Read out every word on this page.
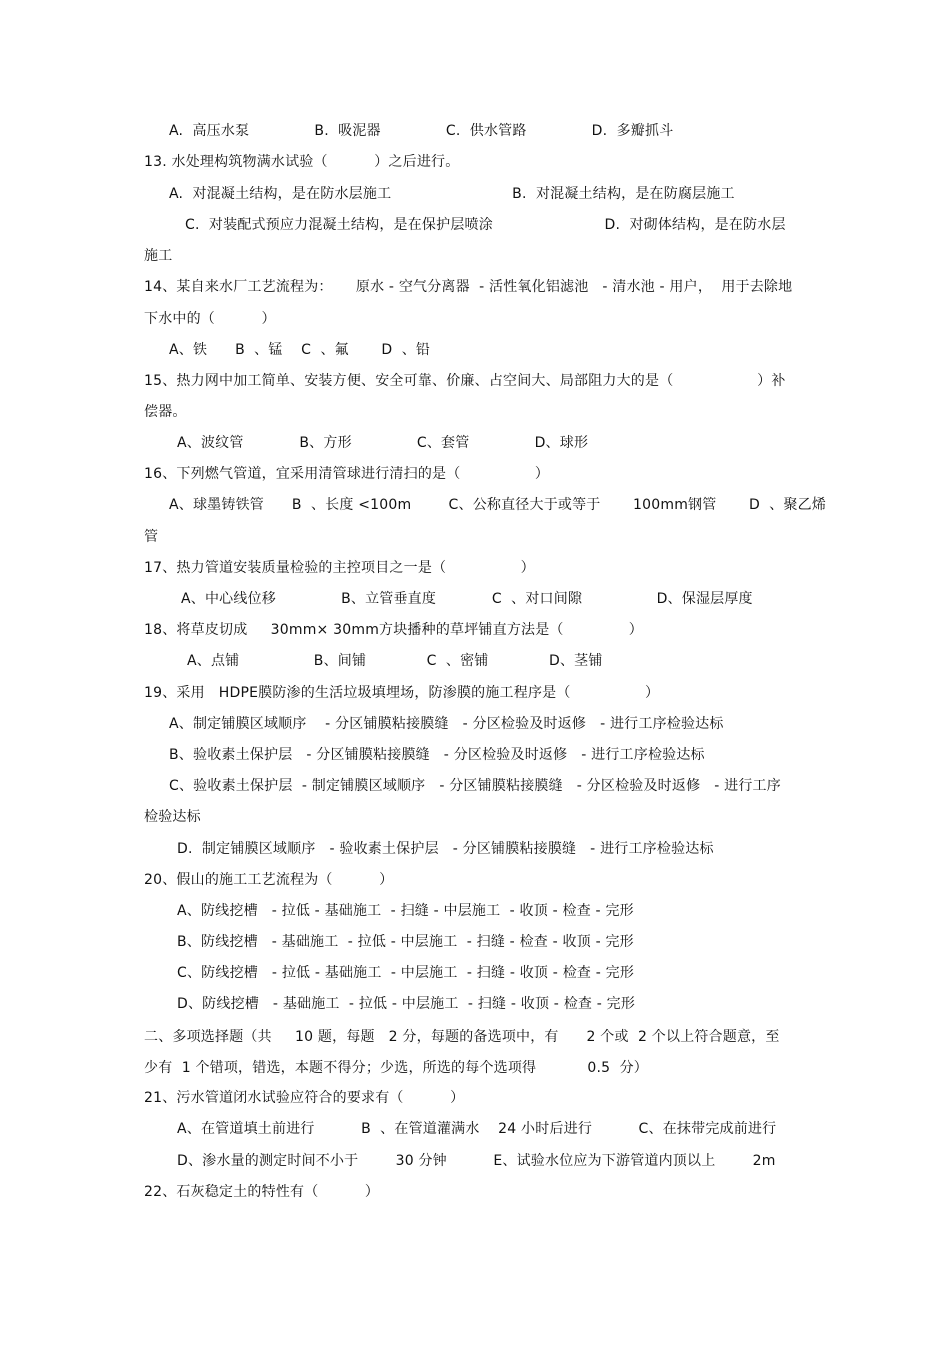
A.  高压水泵              B.  吸泥器              C.  供水管路              D.  多瓣抓斗
13. 水处理构筑物满水试验（          ）之后进行。
A.  对混凝土结构，是在防水层施工                          B.  对混凝土结构，是在防腐层施工
C.  对装配式预应力混凝土结构，是在保护层喷涂                        D.  对砌体结构，是在防水层
施工
14、某自来水厂工艺流程为：     原水 - 空气分离器  - 活性氧化铝滤池   - 清水池 - 用户，  用于去除地
下水中的（          ）
A、铁      B  、锰    C  、氟       D  、铅
15、热力网中加工简单、安装方便、安全可靠、价廉、占空间大、局部阻力大的是（                  ）补
偿器。
A、波纹管            B、方形              C、套管              D、球形
16、下列燃气管道，宜采用清管球进行清扫的是（                ）
A、球墨铸铁管      B  、长度 <100m        C、公称直径大于或等于       100mm钢管       D  、聚乙烯
管
17、热力管道安装质量检验的主控项目之一是（                ）
A、中心线位移              B、立管垂直度            C  、对口间隙                D、保湿层厚度
18、将草皮切成     30mm× 30mm方块播种的草坪铺直方法是（              ）
A、点铺                B、间铺             C  、密铺             D、茎铺
19、采用   HDPE膜防渗的生活垃圾填埋场，防渗膜的施工程序是（                ）
A、制定铺膜区域顺序    - 分区铺膜粘接膜缝   - 分区检验及时返修   - 进行工序检验达标
B、验收素土保护层   - 分区铺膜粘接膜缝   - 分区检验及时返修   - 进行工序检验达标
C、验收素土保护层  - 制定铺膜区域顺序   - 分区铺膜粘接膜缝   - 分区检验及时返修   - 进行工序
检验达标
D.  制定铺膜区域顺序   - 验收素土保护层   - 分区铺膜粘接膜缝   - 进行工序检验达标
20、假山的施工工艺流程为（          ）
A、防线挖槽   - 拉低 - 基础施工  - 扫缝 - 中层施工  - 收顶 - 检查 - 完形
B、防线挖槽   - 基础施工  - 拉低 - 中层施工  - 扫缝 - 检查 - 收顶 - 完形
C、防线挖槽   - 拉低 - 基础施工  - 中层施工  - 扫缝 - 收顶 - 检查 - 完形
D、防线挖槽   - 基础施工  - 拉低 - 中层施工  - 扫缝 - 收顶 - 检查 - 完形
二、多项选择题（共     10 题，每题   2 分，每题的备选项中，有      2 个或  2 个以上符合题意，至
少有  1 个错项，错选，本题不得分；少选，所选的每个选项得           0.5  分）
21、污水管道闭水试验应符合的要求有（          ）
A、在管道填土前进行          B  、在管道灌满水    24 小时后进行          C、在抹带完成前进行
D、渗水量的测定时间不小于        30 分钟          E、试验水位应为下游管道内顶以上        2m
22、石灰稳定土的特性有（          ）
